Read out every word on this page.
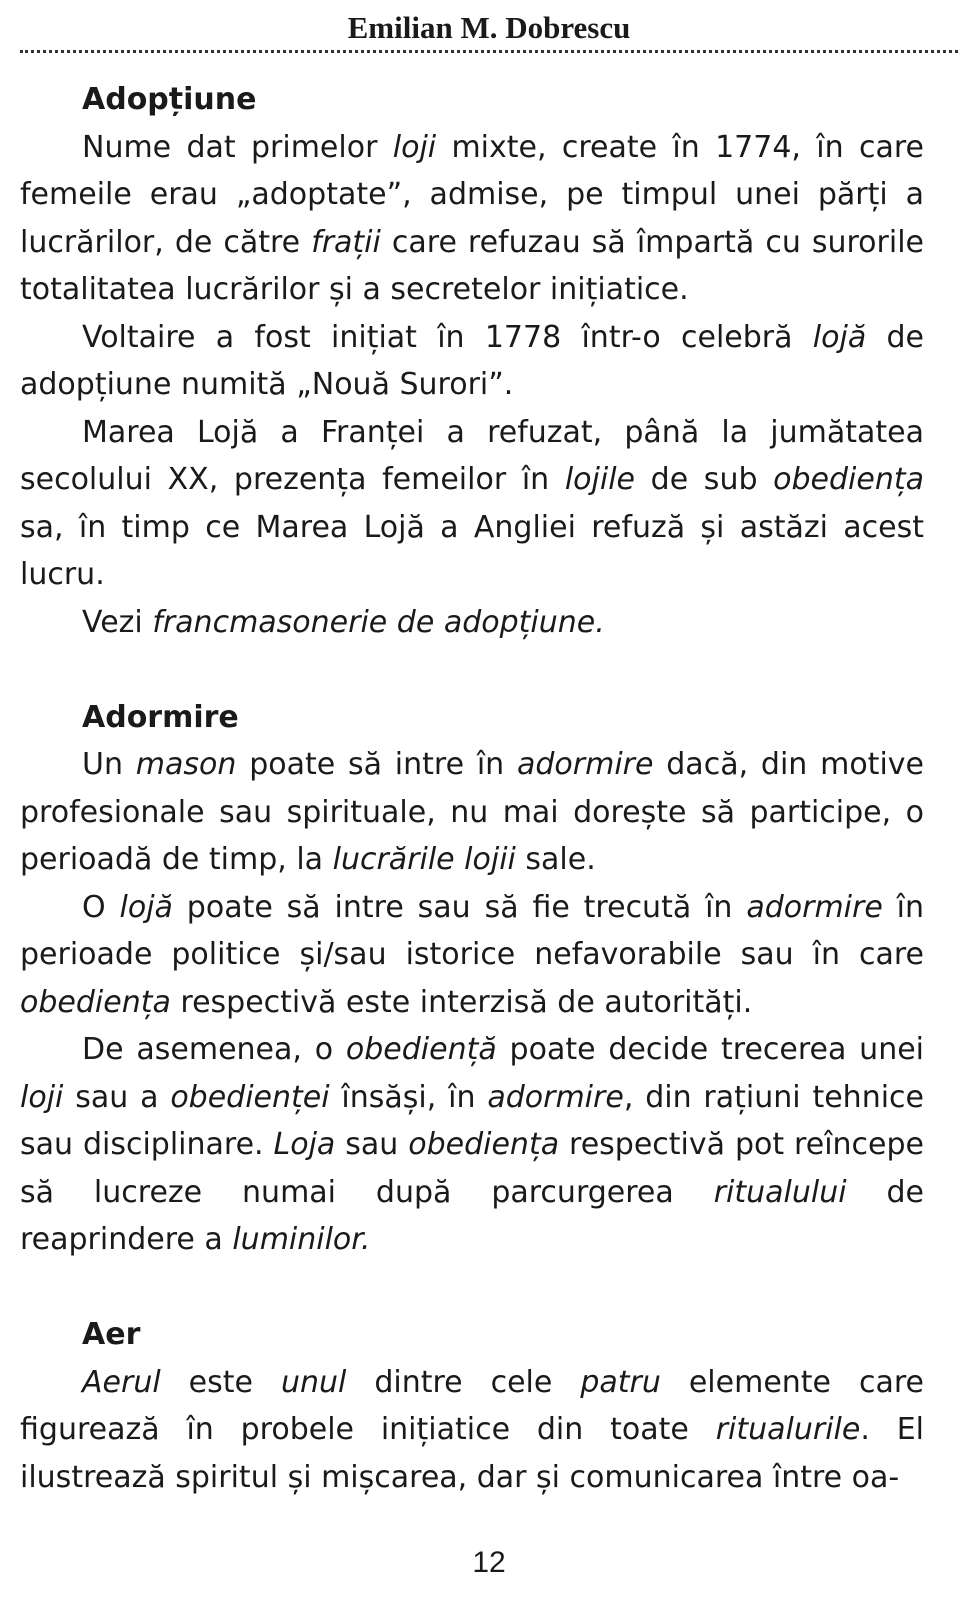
Emilian M. Dobrescu
Adopțiune

Nume dat primelor loji mixte, create în 1774, în care femeile erau „adoptate”, admise, pe timpul unei părți a lucrărilor, de către frații care refuzau să împartă cu surorile totalitatea lucrărilor și a secretelor inițiatice.

Voltaire a fost inițiat în 1778 într-o celebră lojă de adopțiune numită „Nouă Surori”.

Marea Lojă a Franței a refuzat, până la jumătatea secolului XX, prezența femeilor în lojile de sub obediența sa, în timp ce Marea Lojă a Angliei refuză și astăzi acest lucru.

Vezi francmasonerie de adopțiune.

Adormire

Un mason poate să intre în adormire dacă, din motive profesionale sau spirituale, nu mai dorește să participe, o perioadă de timp, la lucrările lojii sale.

O lojă poate să intre sau să fie trecută în adormire în perioade politice și/sau istorice nefavorabile sau în care obediența respectivă este interzisă de autorități.

De asemenea, o obediență poate decide trecerea unei loji sau a obedienței însăși, în adormire, din rațiuni tehnice sau disciplinare. Loja sau obediența respectivă pot reîncepe să lucreze numai după parcurgerea ritualului de reaprindere a luminilor.

Aer

Aerul este unul dintre cele patru elemente care figurează în probele inițiatice din toate ritualurile. El ilustrează spiritul și mișcarea, dar și comunicarea între oa-

12
